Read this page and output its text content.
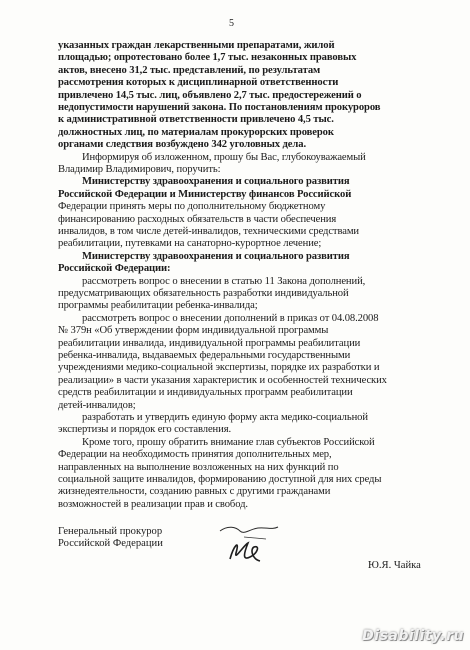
5
указанных граждан лекарственными препаратами, жилой
площадью; опротестовано более 1,7 тыс. незаконных правовых
актов, внесено 31,2 тыс. представлений, по результатам
рассмотрения которых к дисциплинарной ответственности
привлечено 14,5 тыс. лиц, объявлено 2,7 тыс. предостережений о
недопустимости нарушений закона. По постановлениям прокуроров
к административной ответственности привлечено 4,5 тыс.
должностных лиц, по материалам прокурорских проверок
органами следствия возбуждено 342 уголовных дела.
Информируя об изложенном, прошу бы Вас, глубокоуважаемый
Владимир Владимирович, поручить:
Министерству здравоохранения и социального развития
Российской Федерации и Министерству финансов Российской
Федерации принять меры по дополнительному бюджетному
финансированию расходных обязательств в части обеспечения
инвалидов, в том числе детей-инвалидов, техническими средствами
реабилитации, путевками на санаторно-курортное лечение;
Министерству здравоохранения и социального развития
Российской Федерации:
рассмотреть вопрос о внесении в статью 11 Закона дополнений,
предусматривающих обязательность разработки индивидуальной
программы реабилитации ребенка-инвалида;
рассмотреть вопрос о внесении дополнений в приказ от 04.08.2008
№ 379н «Об утверждении форм индивидуальной программы
реабилитации инвалида, индивидуальной программы реабилитации
ребенка-инвалида, выдаваемых федеральными государственными
учреждениями медико-социальной экспертизы, порядке их разработки и
реализации» в части указания характеристик и особенностей технических
средств реабилитации и индивидуальных программ реабилитации
детей-инвалидов;
разработать и утвердить единую форму акта медико-социальной
экспертизы и порядок его составления.
Кроме того, прошу обратить внимание глав субъектов Российской
Федерации на необходимость принятия дополнительных мер,
направленных на выполнение возложенных на них функций по
социальной защите инвалидов, формированию доступной для них среды
жизнедеятельности, созданию равных с другими гражданами
возможностей в реализации прав и свобод.
Генеральный прокурор
Российской Федерации
Ю.Я. Чайка
Disability.ru
